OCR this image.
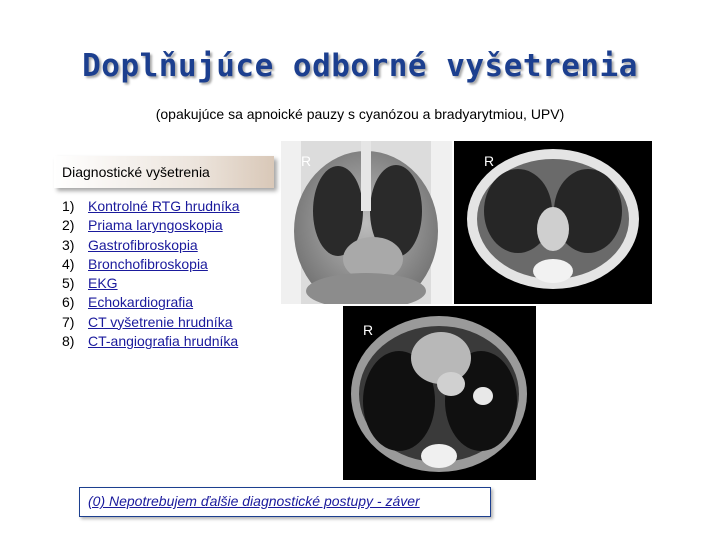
Doplňujúce odborné vyšetrenia
(opakujúce sa apnoické pauzy s cyanózou a bradyarytmiou, UPV)
Diagnostické vyšetrenia
1) Kontrolné RTG hrudníka
2) Priama laryngoskopia
3) Gastrofibroskopia
4) Bronchofibroskopia
5) EKG
6) Echokardiografia
7) CT vyšetrenie hrudníka
8) CT-angiografia hrudníka
R	R
R
(0) Nepotrebujem ďalšie diagnostické postupy - záver
